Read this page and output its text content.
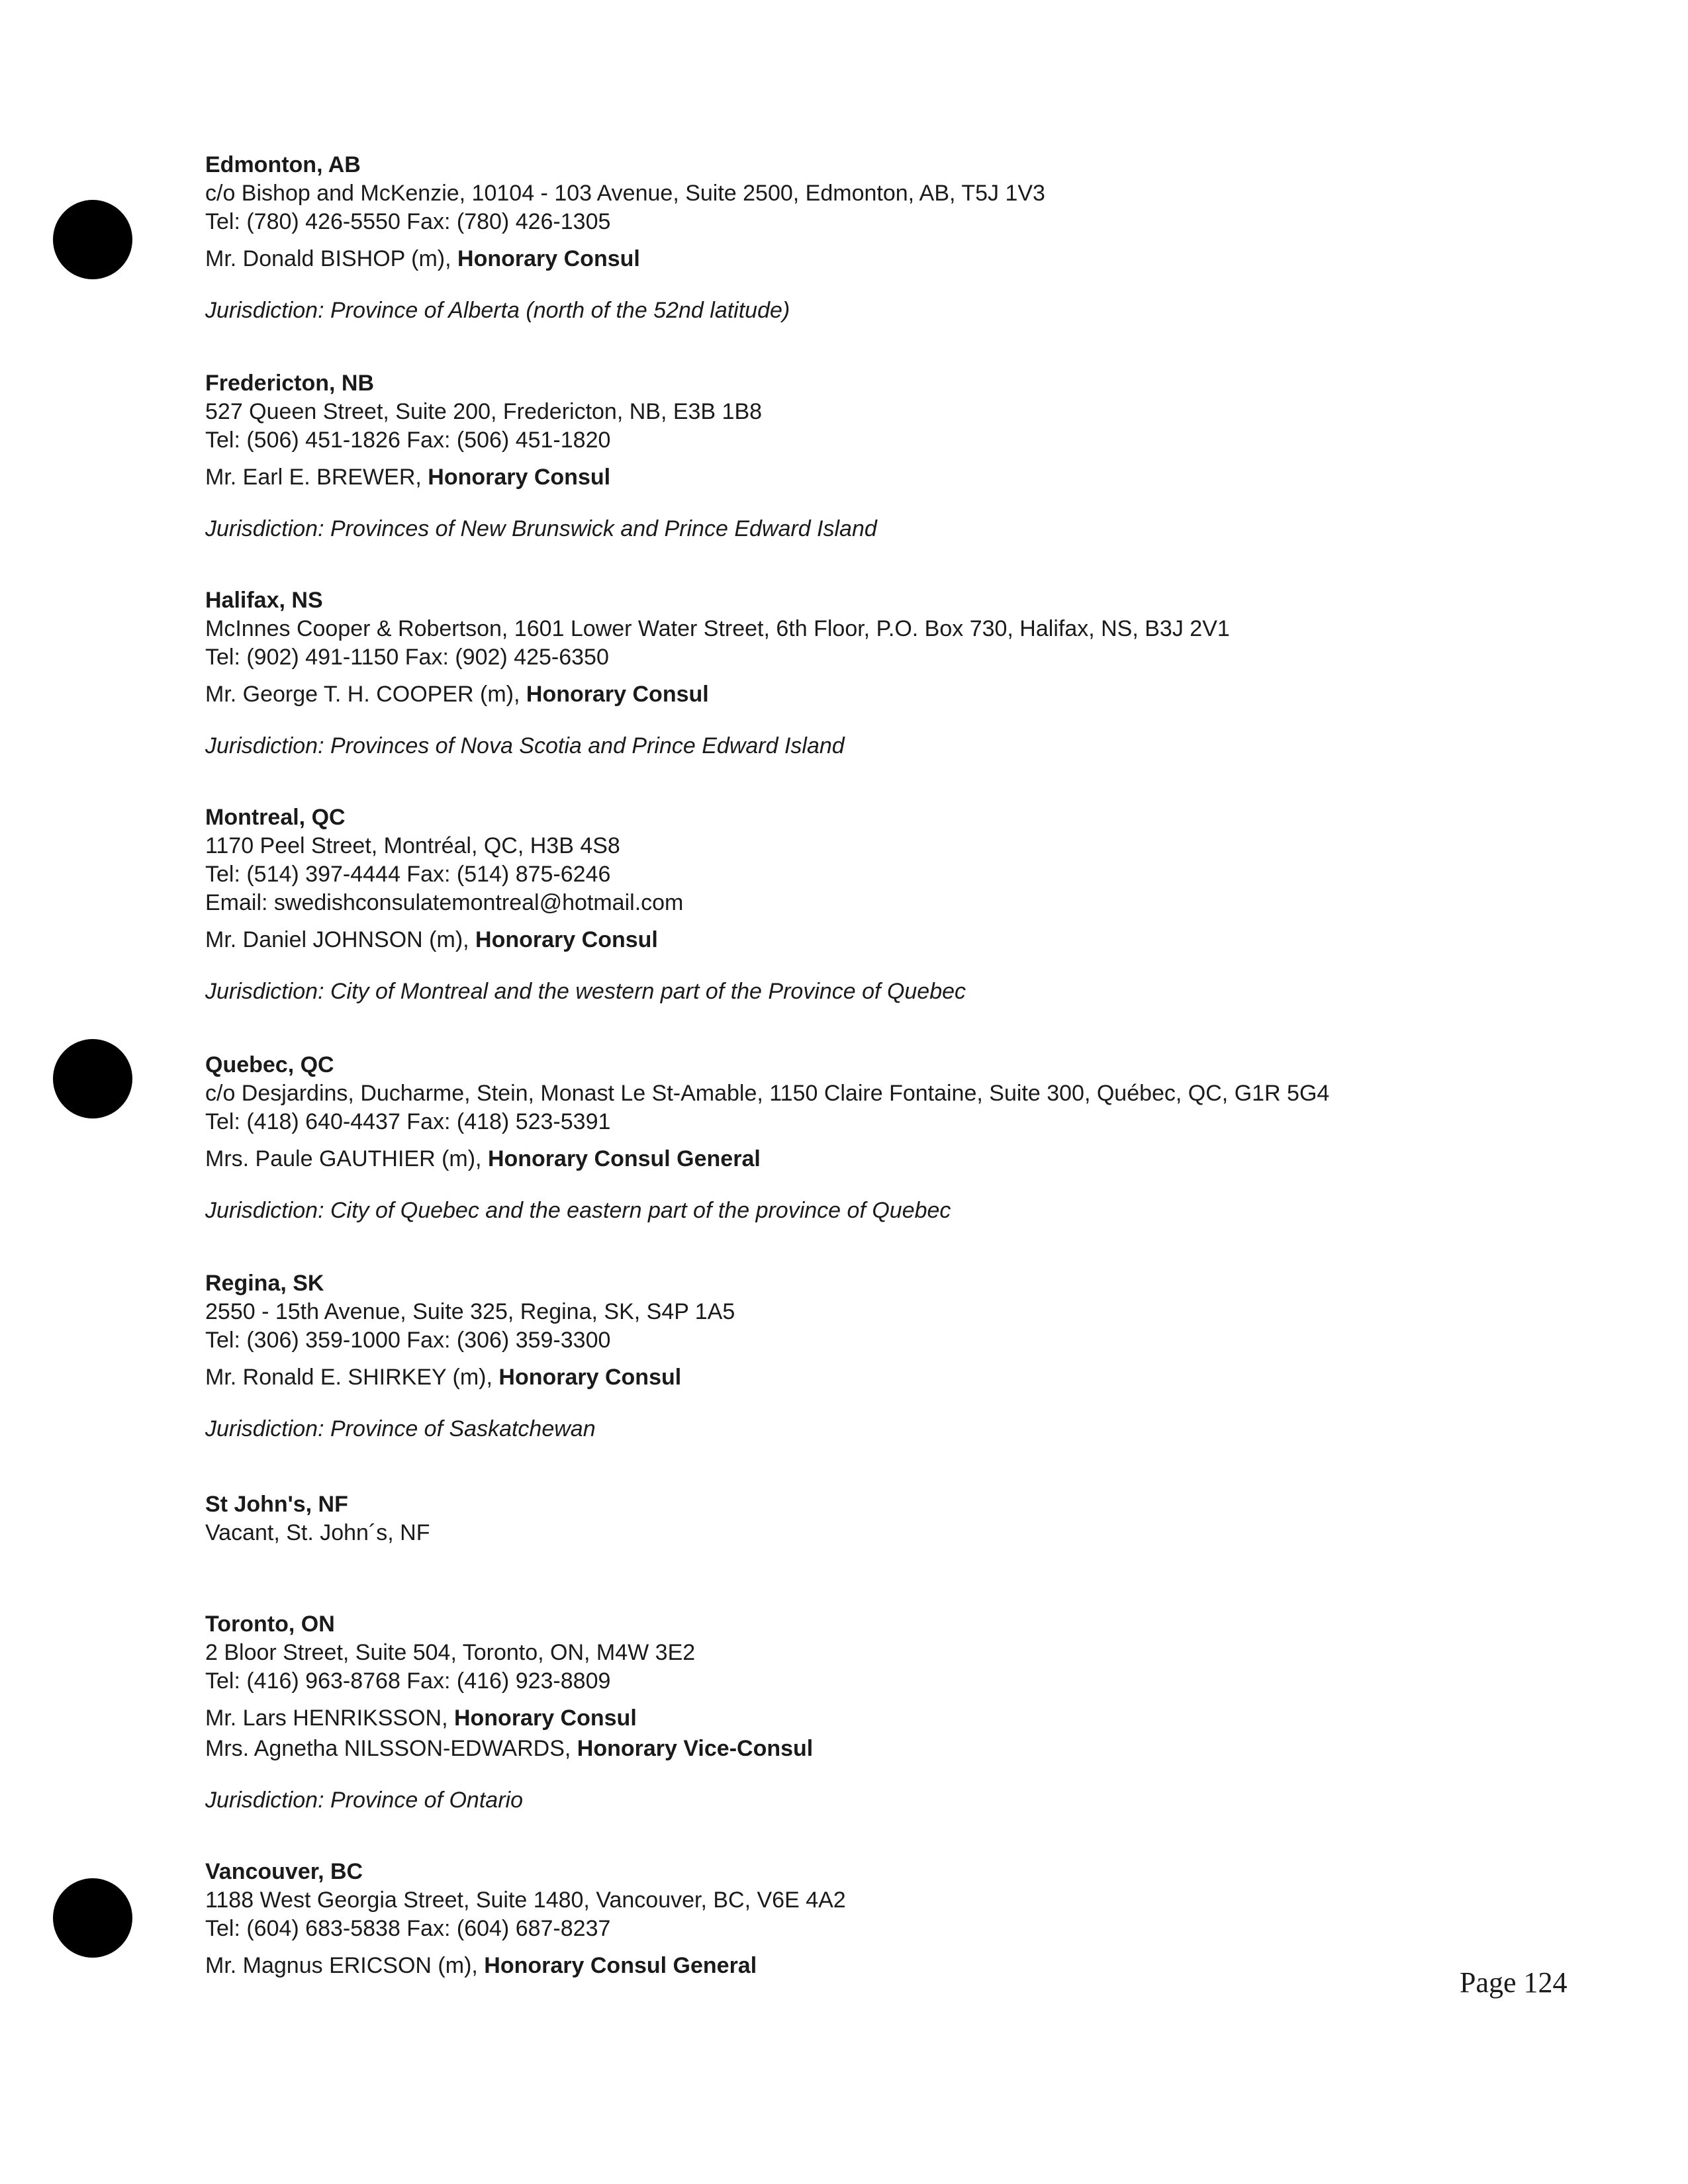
Edmonton, AB
c/o Bishop and McKenzie, 10104 - 103 Avenue, Suite 2500, Edmonton, AB, T5J 1V3
Tel: (780) 426-5550 Fax: (780) 426-1305
Mr. Donald BISHOP (m), Honorary Consul
Jurisdiction: Province of Alberta (north of the 52nd latitude)
Fredericton, NB
527 Queen Street, Suite 200, Fredericton, NB, E3B 1B8
Tel: (506) 451-1826 Fax: (506) 451-1820
Mr. Earl E. BREWER, Honorary Consul
Jurisdiction: Provinces of New Brunswick and Prince Edward Island
Halifax, NS
McInnes Cooper & Robertson, 1601 Lower Water Street, 6th Floor, P.O. Box 730, Halifax, NS, B3J 2V1
Tel: (902) 491-1150 Fax: (902) 425-6350
Mr. George T. H. COOPER (m), Honorary Consul
Jurisdiction: Provinces of Nova Scotia and Prince Edward Island
Montreal, QC
1170 Peel Street, Montréal, QC, H3B 4S8
Tel: (514) 397-4444 Fax: (514) 875-6246
Email: swedishconsulatemontreal@hotmail.com
Mr. Daniel JOHNSON (m), Honorary Consul
Jurisdiction: City of Montreal and the western part of the Province of Quebec
Quebec, QC
c/o Desjardins, Ducharme, Stein, Monast Le St-Amable, 1150 Claire Fontaine, Suite 300, Québec, QC, G1R 5G4
Tel: (418) 640-4437 Fax: (418) 523-5391
Mrs. Paule GAUTHIER (m), Honorary Consul General
Jurisdiction: City of Quebec and the eastern part of the province of Quebec
Regina, SK
2550 - 15th Avenue, Suite 325, Regina, SK, S4P 1A5
Tel: (306) 359-1000 Fax: (306) 359-3300
Mr. Ronald E. SHIRKEY (m), Honorary Consul
Jurisdiction: Province of Saskatchewan
St John's, NF
Vacant, St. John´s, NF
Toronto, ON
2 Bloor Street, Suite 504, Toronto, ON, M4W 3E2
Tel: (416) 963-8768 Fax: (416) 923-8809
Mr. Lars HENRIKSSON, Honorary Consul
Mrs. Agnetha NILSSON-EDWARDS, Honorary Vice-Consul
Jurisdiction: Province of Ontario
Vancouver, BC
1188 West Georgia Street, Suite 1480, Vancouver, BC, V6E 4A2
Tel: (604) 683-5838 Fax: (604) 687-8237
Mr. Magnus ERICSON (m), Honorary Consul General
Page 124
